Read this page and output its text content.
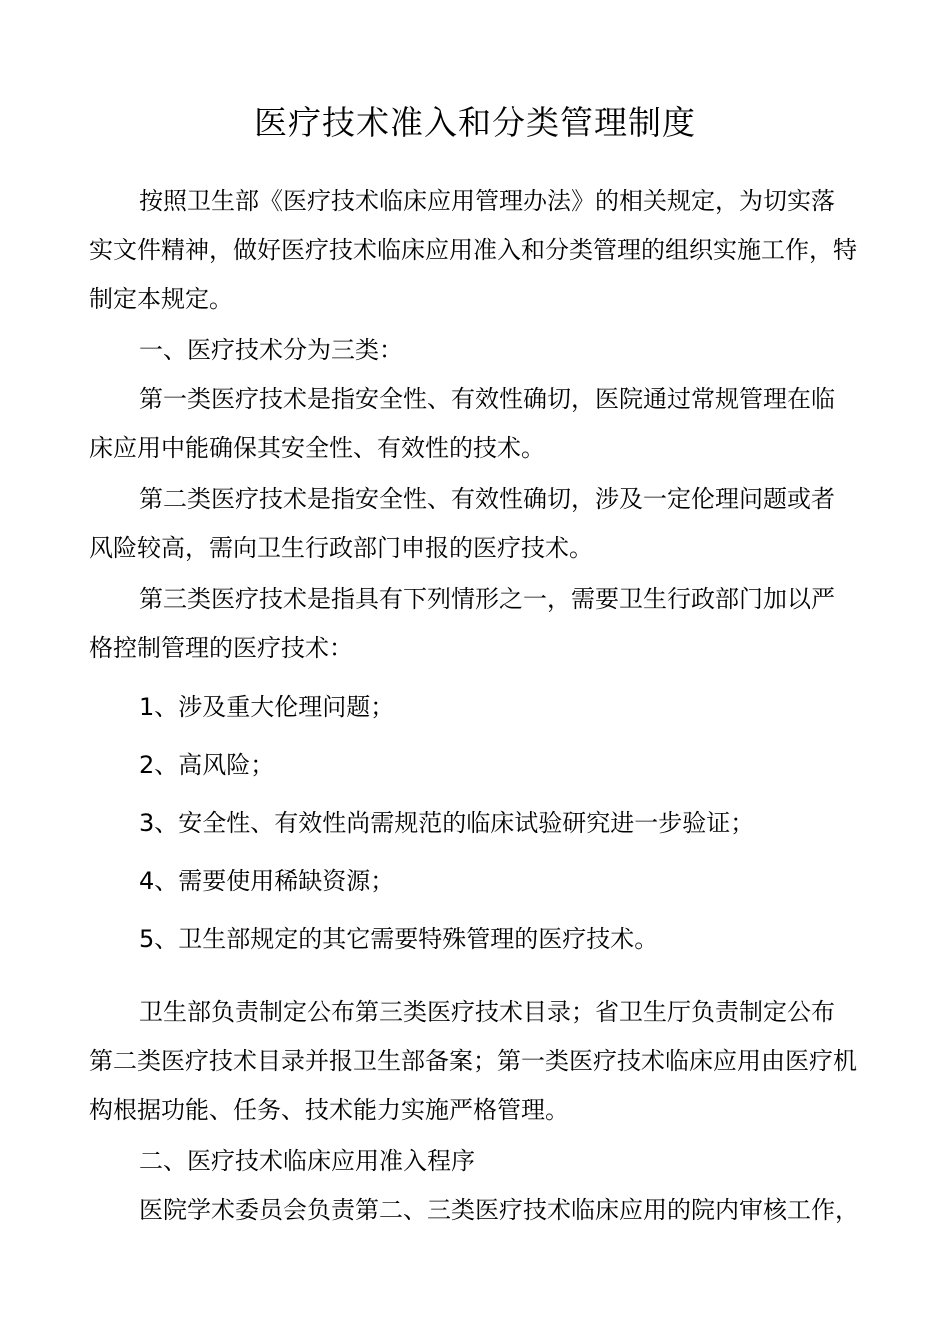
医疗技术准入和分类管理制度
按照卫生部《医疗技术临床应用管理办法》的相关规定，为切实落
实文件精神，做好医疗技术临床应用准入和分类管理的组织实施工作，特
制定本规定。
一、医疗技术分为三类：
第一类医疗技术是指安全性、有效性确切，医院通过常规管理在临
床应用中能确保其安全性、有效性的技术。
第二类医疗技术是指安全性、有效性确切，涉及一定伦理问题或者
风险较高，需向卫生行政部门申报的医疗技术。
第三类医疗技术是指具有下列情形之一，需要卫生行政部门加以严
格控制管理的医疗技术：
1、涉及重大伦理问题；
2、高风险；
3、安全性、有效性尚需规范的临床试验研究进一步验证；
4、需要使用稀缺资源；
5、卫生部规定的其它需要特殊管理的医疗技术。
卫生部负责制定公布第三类医疗技术目录；省卫生厅负责制定公布
第二类医疗技术目录并报卫生部备案；第一类医疗技术临床应用由医疗机
构根据功能、任务、技术能力实施严格管理。
二、医疗技术临床应用准入程序
医院学术委员会负责第二、三类医疗技术临床应用的院内审核工作，
